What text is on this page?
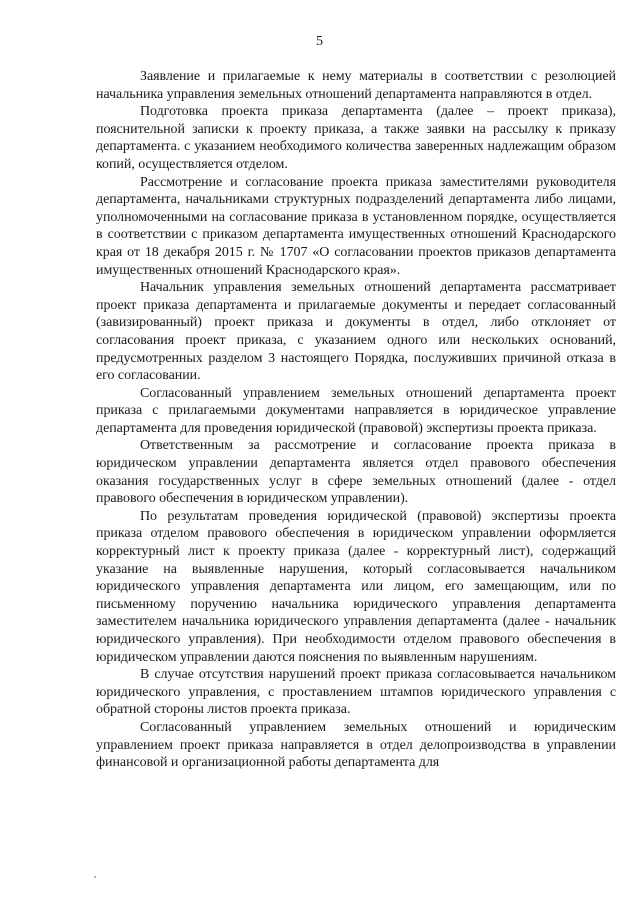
5

Заявление и прилагаемые к нему материалы в соответствии с резолюцией начальника управления земельных отношений департамента направляются в отдел.

Подготовка проекта приказа департамента (далее – проект приказа), пояснительной записки к проекту приказа, а также заявки на рассылку к приказу департамента. с указанием необходимого количества заверенных надлежащим образом копий, осуществляется отделом.

Рассмотрение и согласование проекта приказа заместителями руководителя департамента, начальниками структурных подразделений департамента либо лицами, уполномоченными на согласование приказа в установленном порядке, осуществляется в соответствии с приказом департамента имущественных отношений Краснодарского края от 18 декабря 2015 г. № 1707 «О согласовании проектов приказов департамента имущественных отношений Краснодарского края».

Начальник управления земельных отношений департамента рассматривает проект приказа департамента и прилагаемые документы и передает согласованный (завизированный) проект приказа и документы в отдел, либо отклоняет от согласования проект приказа, с указанием одного или нескольких оснований, предусмотренных разделом 3 настоящего Порядка, послуживших причиной отказа в его согласовании.

Согласованный управлением земельных отношений департамента проект приказа с прилагаемыми документами направляется в юридическое управление департамента для проведения юридической (правовой) экспертизы проекта приказа.

Ответственным за рассмотрение и согласование проекта приказа в юридическом управлении департамента является отдел правового обеспечения оказания государственных услуг в сфере земельных отношений (далее - отдел правового обеспечения в юридическом управлении).

По результатам проведения юридической (правовой) экспертизы проекта приказа отделом правового обеспечения в юридическом управлении оформляется корректурный лист к проекту приказа (далее - корректурный лист), содержащий указание на выявленные нарушения, который согласовывается начальником юридического управления департамента или лицом, его замещающим, или по письменному поручению начальника юридического управления департамента заместителем начальника юридического управления департамента (далее - начальник юридического управления). При необходимости отделом правового обеспечения в юридическом управлении даются пояснения по выявленным нарушениям.

В случае отсутствия нарушений проект приказа согласовывается начальником юридического управления, с проставлением штампов юридического управления с обратной стороны листов проекта приказа.

Согласованный управлением земельных отношений и юридическим управлением проект приказа направляется в отдел делопроизводства в управлении финансовой и организационной работы департамента для
